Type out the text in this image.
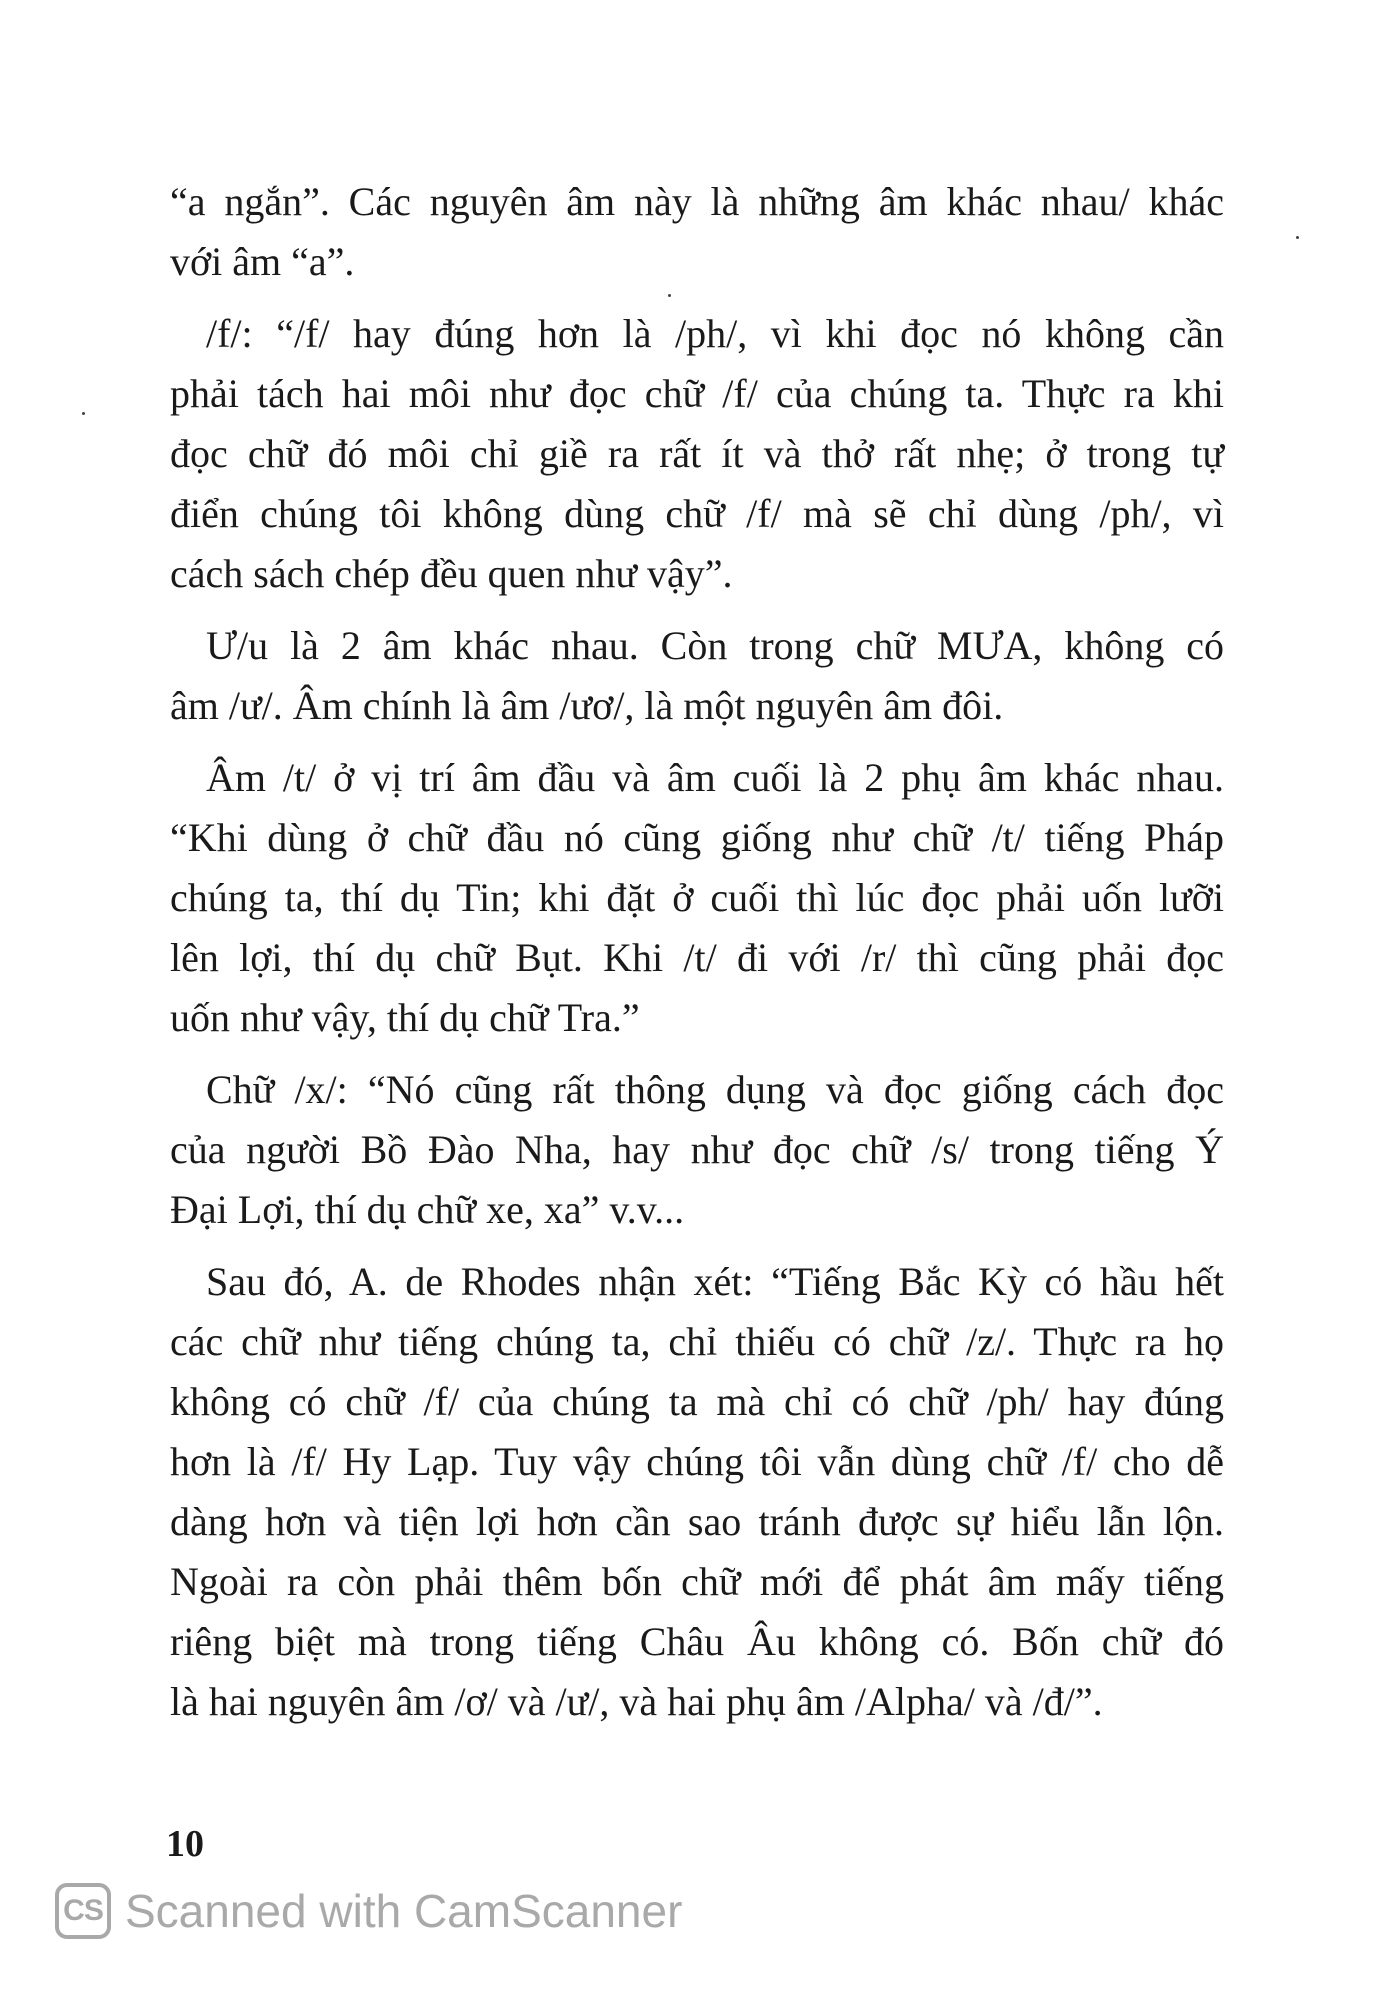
“a ngắn”. Các nguyên âm này là những âm khác nhau/ khác
với âm “a”.
/f/: “/f/ hay đúng hơn là /ph/, vì khi đọc nó không cần
phải tách hai môi như đọc chữ /f/ của chúng ta. Thực ra khi
đọc chữ đó môi chỉ giề ra rất ít và thở rất nhẹ; ở trong tự
điển chúng tôi không dùng chữ /f/ mà sẽ chỉ dùng /ph/, vì
cách sách chép đều quen như vậy”.
Ư/u là 2 âm khác nhau. Còn trong chữ MƯA, không có
âm /ư/. Âm chính là âm /ươ/, là một nguyên âm đôi.
Âm /t/ ở vị trí âm đầu và âm cuối là 2 phụ âm khác nhau.
“Khi dùng ở chữ đầu nó cũng giống như chữ /t/ tiếng Pháp
chúng ta, thí dụ Tin; khi đặt ở cuối thì lúc đọc phải uốn lưỡi
lên lợi, thí dụ chữ Bụt. Khi /t/ đi với /r/ thì cũng phải đọc
uốn như vậy, thí dụ chữ Tra.”
Chữ /x/: “Nó cũng rất thông dụng và đọc giống cách đọc
của người Bồ Đào Nha, hay như đọc chữ /s/ trong tiếng Ý
Đại Lợi, thí dụ chữ xe, xa” v.v...
Sau đó, A. de Rhodes nhận xét: “Tiếng Bắc Kỳ có hầu hết
các chữ như tiếng chúng ta, chỉ thiếu có chữ /z/. Thực ra họ
không có chữ /f/ của chúng ta mà chỉ có chữ /ph/ hay đúng
hơn là /f/ Hy Lạp. Tuy vậy chúng tôi vẫn dùng chữ /f/ cho dễ
dàng hơn và tiện lợi hơn cần sao tránh được sự hiểu lẫn lộn.
Ngoài ra còn phải thêm bốn chữ mới để phát âm mấy tiếng
riêng biệt mà trong tiếng Châu Âu không có. Bốn chữ đó
là hai nguyên âm /ơ/ và /ư/, và hai phụ âm /Alpha/ và /đ/”.
10
CS Scanned with CamScanner
